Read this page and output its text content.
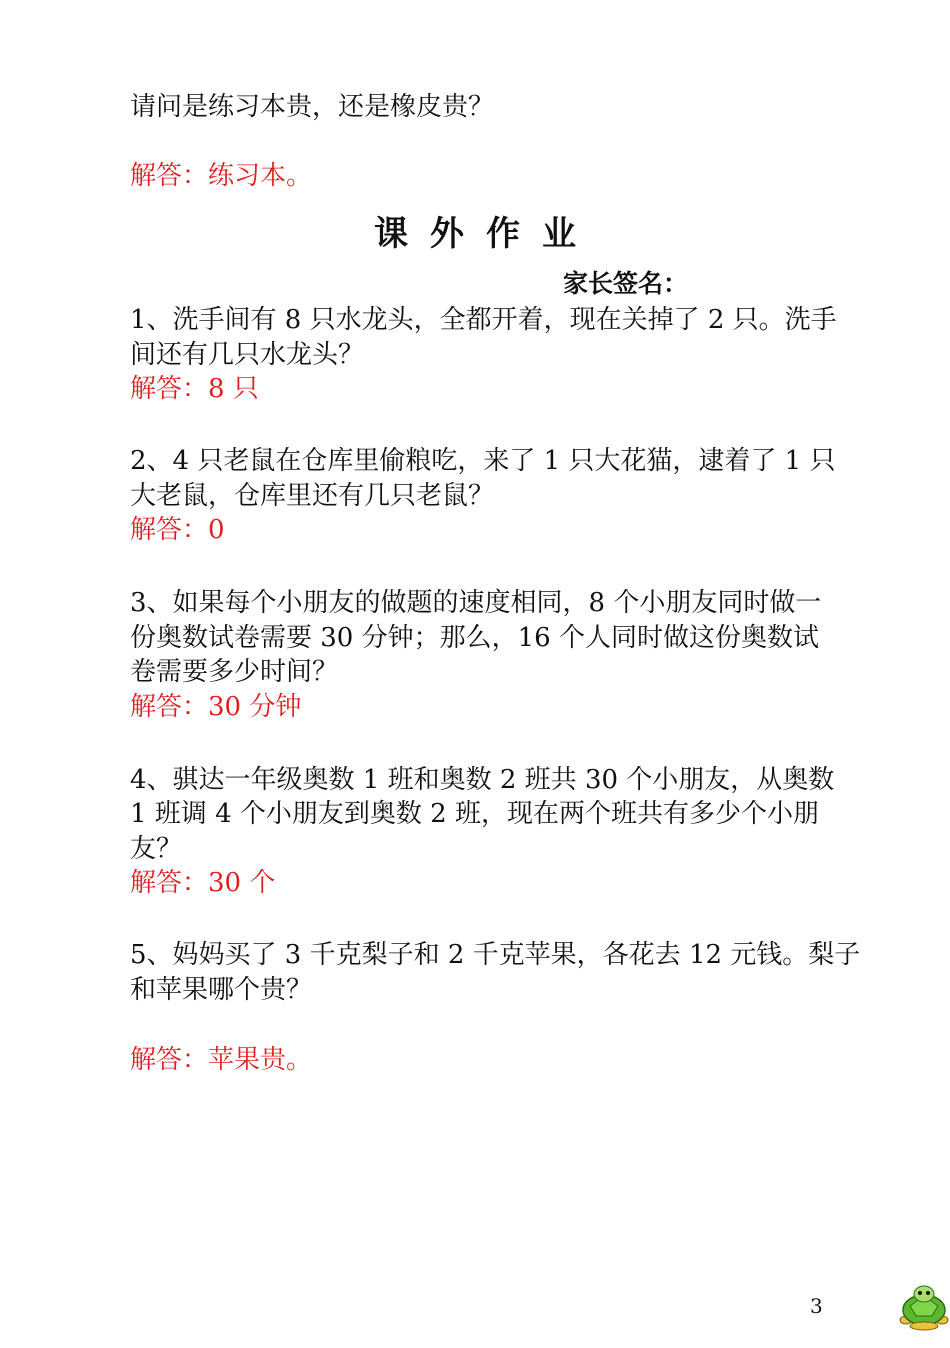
请问是练习本贵，还是橡皮贵？
解答：练习本。
课外作业
家长签名：
1、洗手间有 8 只水龙头，全都开着，现在关掉了 2 只。洗手
间还有几只水龙头？
解答：8 只
2、4 只老鼠在仓库里偷粮吃，来了 1 只大花猫，逮着了 1 只
大老鼠，仓库里还有几只老鼠？
解答：0
3、如果每个小朋友的做题的速度相同，8 个小朋友同时做一
份奥数试卷需要 30 分钟；那么，16 个人同时做这份奥数试
卷需要多少时间？
解答：30 分钟
4、骐达一年级奥数 1 班和奥数 2 班共 30 个小朋友，从奥数
1 班调 4 个小朋友到奥数 2 班，现在两个班共有多少个小朋
友？
解答：30 个
5、妈妈买了 3 千克梨子和 2 千克苹果，各花去 12 元钱。梨子
和苹果哪个贵？
解答：苹果贵。
3
